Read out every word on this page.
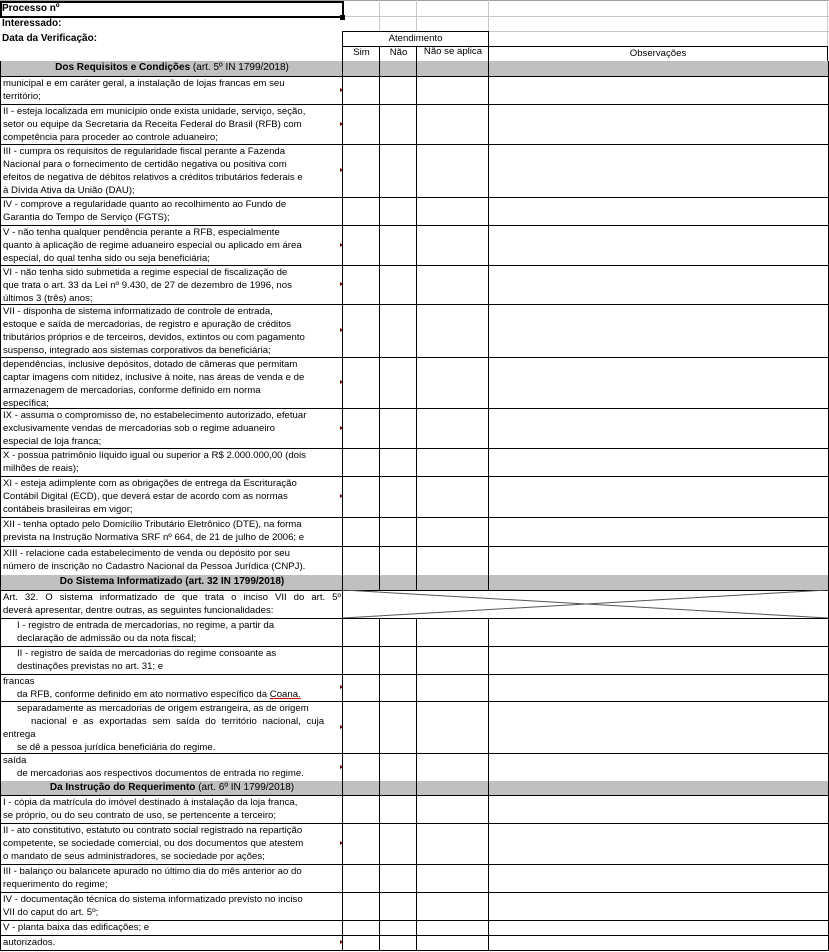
Processo nº
Interessado:
Data da Verificação:	Atendimento
Sim	Não	Não se aplica	Observações
Dos Requisitos e Condições (art. 5º IN 1799/2018)
municipal e em caráter geral, a instalação de lojas francas em seu
território;
II - esteja localizada em município onde exista unidade, serviço, seção,
setor ou equipe da Secretaria da Receita Federal do Brasil (RFB) com
competência para proceder ao controle aduaneiro;
III - cumpra os requisitos de regularidade fiscal perante a Fazenda
Nacional para o fornecimento de certidão negativa ou positiva com
efeitos de negativa de débitos relativos a créditos tributários federais e
à Dívida Ativa da União (DAU);
IV - comprove a regularidade quanto ao recolhimento ao Fundo de
Garantia do Tempo de Serviço (FGTS);
V - não tenha qualquer pendência perante a RFB, especialmente
quanto à aplicação de regime aduaneiro especial ou aplicado em área
especial, do qual tenha sido ou seja beneficiária;
VI - não tenha sido submetida a regime especial de fiscalização de
que trata o art. 33 da Lei nº 9.430, de 27 de dezembro de 1996, nos
últimos 3 (três) anos;
VII - disponha de sistema informatizado de controle de entrada,
estoque e saída de mercadorias, de registro e apuração de créditos
tributários próprios e de terceiros, devidos, extintos ou com pagamento
suspenso, integrado aos sistemas corporativos da beneficiária;
dependências, inclusive depósitos, dotado de câmeras que permitam
captar imagens com nitidez, inclusive à noite, nas áreas de venda e de
armazenagem de mercadorias, conforme definido em norma
específica;
IX - assuma o compromisso de, no estabelecimento autorizado, efetuar
exclusivamente vendas de mercadorias sob o regime aduaneiro
especial de loja franca;
X - possua patrimônio líquido igual ou superior a R$ 2.000.000,00 (dois
milhões de reais);
XI - esteja adimplente com as obrigações de entrega da Escrituração
Contábil Digital (ECD), que deverá estar de acordo com as normas
contábeis brasileiras em vigor;
XII - tenha optado pelo Domicílio Tributário Eletrônico (DTE), na forma
prevista na Instrução Normativa SRF nº 664, de 21 de julho de 2006; e
XIII - relacione cada estabelecimento de venda ou depósito por seu
número de inscrição no Cadastro Nacional da Pessoa Jurídica (CNPJ).
Do Sistema Informatizado (art. 32 IN 1799/2018)
Art. 32. O sistema informatizado de que trata o inciso VII do art. 5º
deverá apresentar, dentre outras, as seguintes funcionalidades:
I - registro de entrada de mercadorias, no regime, a partir da
declaração de admissão ou da nota fiscal;
II - registro de saída de mercadorias do regime consoante as
destinações previstas no art. 31; e
francas
da RFB, conforme definido em ato normativo específico da Coana.
separadamente as mercadorias de origem estrangeira, as de origem
nacional e as exportadas sem saída do território nacional, cuja
entrega
se dê a pessoa jurídica beneficiária do regime.
saída
de mercadorias aos respectivos documentos de entrada no regime.
Da Instrução do Requerimento (art. 6º IN 1799/2018)
I - cópia da matrícula do imóvel destinado à instalação da loja franca,
se próprio, ou do seu contrato de uso, se pertencente a terceiro;
II - ato constitutivo, estatuto ou contrato social registrado na repartição
competente, se sociedade comercial, ou dos documentos que atestem
o mandato de seus administradores, se sociedade por ações;
III - balanço ou balancete apurado no último dia do mês anterior ao do
requerimento do regime;
IV - documentação técnica do sistema informatizado previsto no inciso
VII do caput do art. 5º;
V - planta baixa das edificações; e
autorizados.
